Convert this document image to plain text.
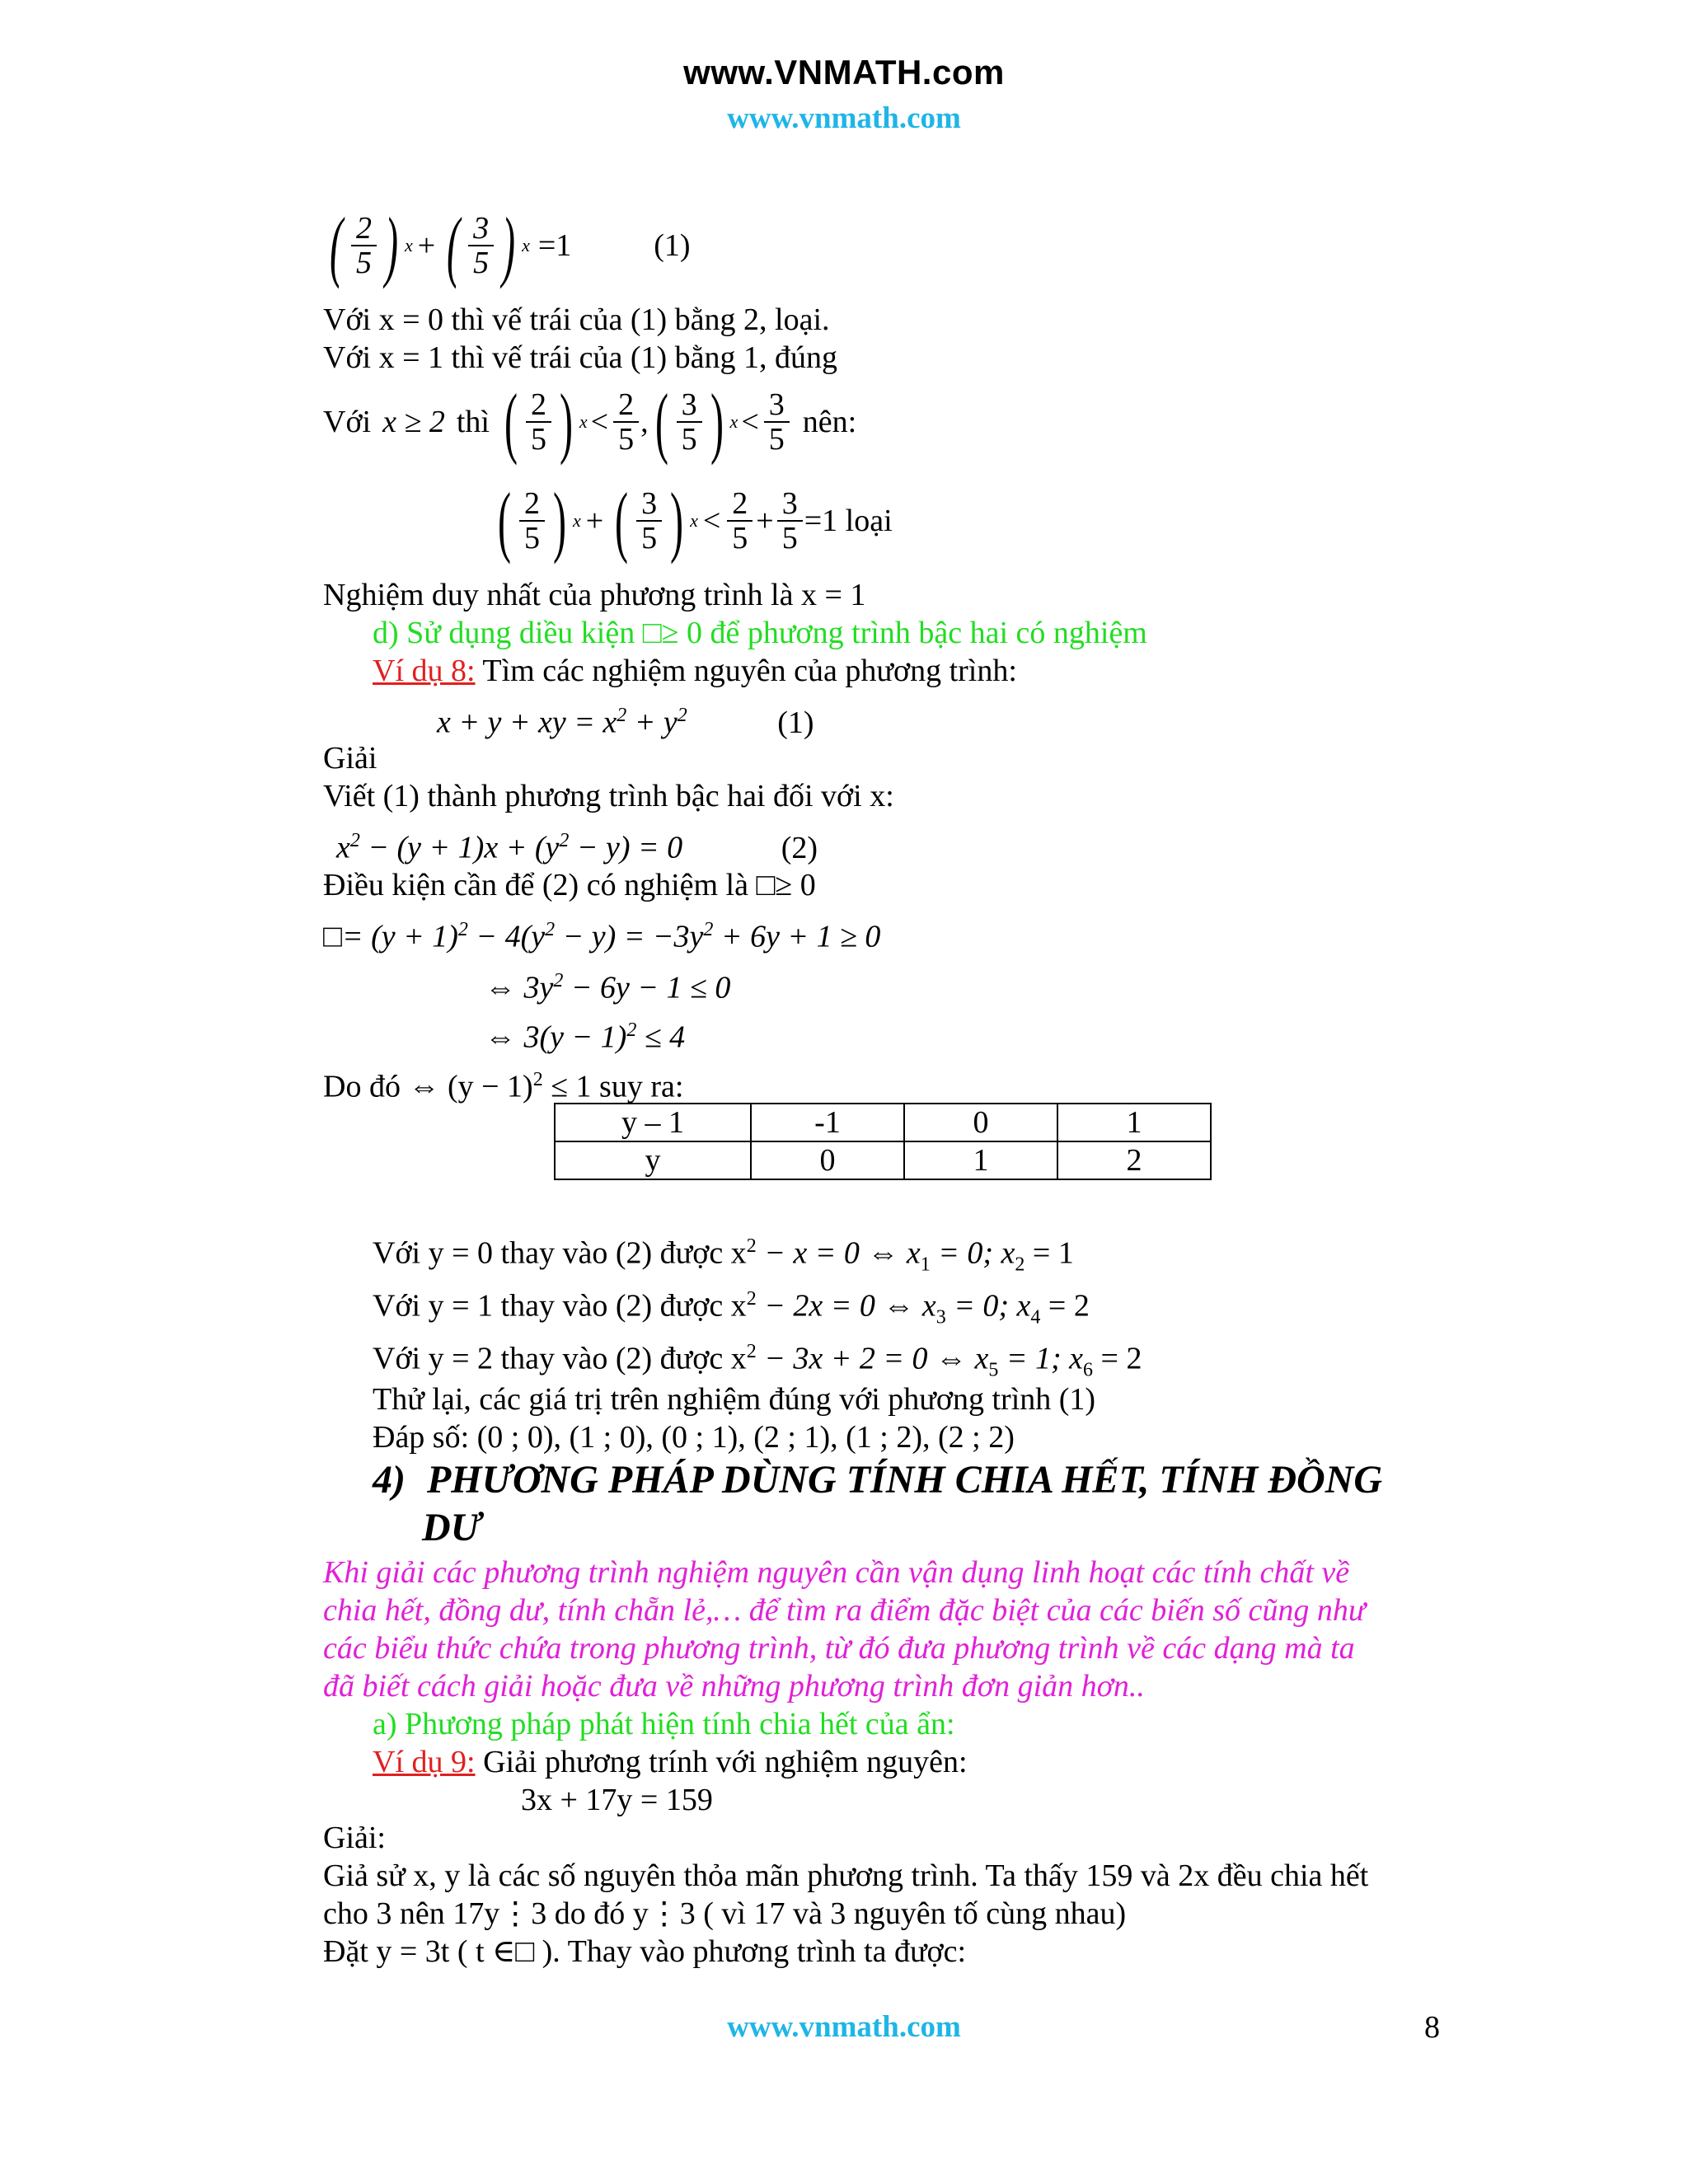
www.VNMATH.com
www.vnmath.com
( $\frac{2}{5}$ ) x + ( $\frac{3}{5}$ ) x =1	(1)
Với x = 0 thì vế trái của (1) bằng 2, loại.
Với x = 1 thì vế trái của (1) bằng 1, đúng
Với x ≥ 2 thì ( $\frac{2}{5}$ ) $x < \frac{2}{5}$ , ( $\frac{3}{5}$ ) $x < \frac{3}{5}$ nên:
( $\frac{2}{5}$ ) x + ( $\frac{3}{5}$ ) $x < \frac{2}{5} + \frac{3}{5} =1$ loại
Nghiệm duy nhất của phương trình là x = 1
d) Sử dụng diều kiện □≥ 0 để phương trình bậc hai có nghiệm
Ví dụ 8: Tìm các nghiệm nguyên của phương trình:
x + y + xy = $x^2 + y^2$	(1)
Giải
Viết (1) thành phương trình bậc hai đối với x:
$x^2 - (y + 1)x + (y^2 - y) = 0$	(2)
Điều kiện cần để (2) có nghiệm là □≥ 0
□= $(y + 1)^2 - 4(y^2 - y) = -3y^2 + 6y + 1 \ge 0$
⇔ $3y^2 - 6y - 1 \le 0$
⇔ $3(y - 1)^2 \le 4$
Do đó ⇔ $(y - 1)^2 \le 1$ suy ra:
y – 1	-1	0	1
y	0	1	2
Với y = 0 thay vào (2) được $x^2 - x = 0$ ⇔ $x_1 = 0$; $x_2 = 1$
Với y = 1 thay vào (2) được $x^2 - 2x = 0$ ⇔ $x_3 = 0$; $x_4 = 2$
Với y = 2 thay vào (2) được $x^2 - 3x + 2 = 0$ ⇔ $x_5 = 1$; $x_6 = 2$
Thử lại, các giá trị trên nghiệm đúng với phương trình (1)
Đáp số: (0 ; 0), (1 ; 0), (0 ; 1), (2 ; 1), (1 ; 2), (2 ; 2)
4) PHƯƠNG PHÁP DÙNG TÍNH CHIA HẾT, TÍNH ĐỒNG
DƯ
Khi giải các phương trình nghiệm nguyên cần vận dụng linh hoạt các tính chất về
chia hết, đồng dư, tính chẵn lẻ,… để tìm ra điểm đặc biệt của các biến số cũng như
các biểu thức chứa trong phương trình, từ đó đưa phương trình về các dạng mà ta
đã biết cách giải hoặc đưa về những phương trình đơn giản hơn..
a) Phương pháp phát hiện tính chia hết của ẩn:
Ví dụ 9: Giải phương trính với nghiệm nguyên:
3x + 17y = 159
Giải:
Giả sử x, y là các số nguyên thỏa mãn phương trình. Ta thấy 159 và 2x đều chia hết
cho 3 nên 17y⋮3 do đó y⋮3 ( vì 17 và 3 nguyên tố cùng nhau)
Đặt y = 3t ( t ∈□ ). Thay vào phương trình ta được:
www.vnmath.com	8
